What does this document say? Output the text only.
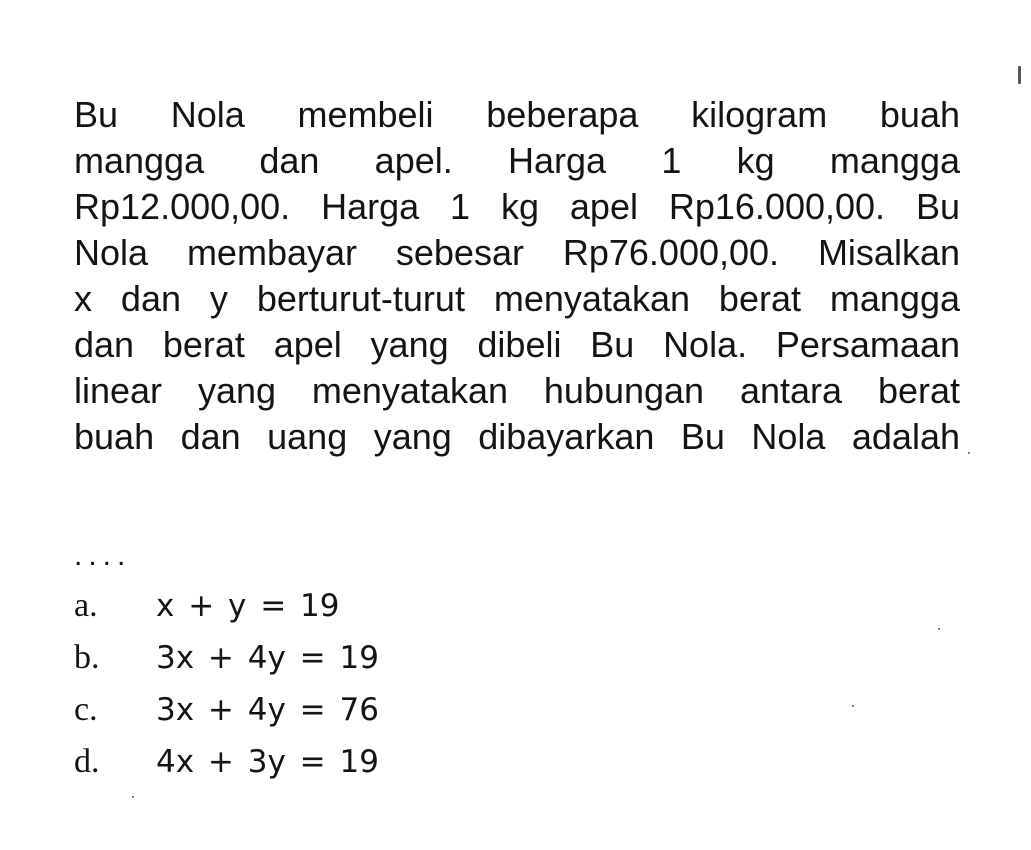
Bu Nola membeli beberapa kilogram buah
mangga dan apel. Harga 1 kg mangga
Rp12.000,00. Harga 1 kg apel Rp16.000,00. Bu
Nola membayar sebesar Rp76.000,00. Misalkan
x dan y berturut-turut menyatakan berat mangga
dan berat apel yang dibeli Bu Nola. Persamaan
linear yang menyatakan hubungan antara berat
buah dan uang yang dibayarkan Bu Nola adalah
....
a.	x + y = 19
b.	3x + 4y = 19
c.	3x + 4y = 76
d.	4x + 3y = 19
